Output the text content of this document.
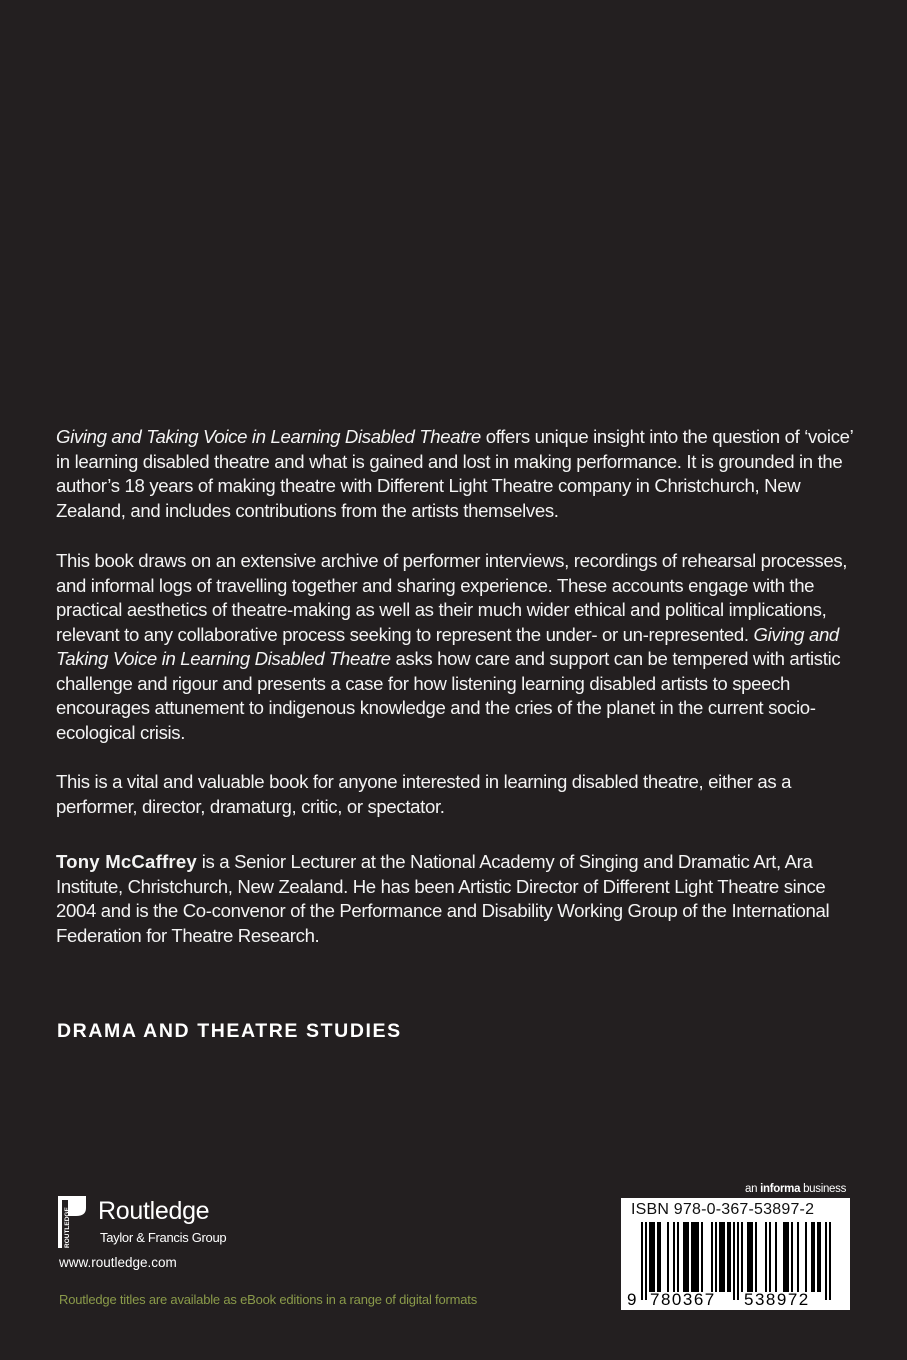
Giving and Taking Voice in Learning Disabled Theatre offers unique insight into the question of ‘voice’ in learning disabled theatre and what is gained and lost in making performance. It is grounded in the author’s 18 years of making theatre with Different Light Theatre company in Christchurch, New Zealand, and includes contributions from the artists themselves.

This book draws on an extensive archive of performer interviews, recordings of rehearsal processes, and informal logs of travelling together and sharing experience. These accounts engage with the practical aesthetics of theatre-making as well as their much wider ethical and political implications, relevant to any collaborative process seeking to represent the under- or un-represented. Giving and Taking Voice in Learning Disabled Theatre asks how care and support can be tempered with artistic challenge and rigour and presents a case for how listening learning disabled artists to speech encourages attunement to indigenous knowledge and the cries of the planet in the current socio-ecological crisis.

This is a vital and valuable book for anyone interested in learning disabled theatre, either as a performer, director, dramaturg, critic, or spectator.

Tony McCaffrey is a Senior Lecturer at the National Academy of Singing and Dramatic Art, Ara Institute, Christchurch, New Zealand. He has been Artistic Director of Different Light Theatre since 2004 and is the Co-convenor of the Performance and Disability Working Group of the International Federation for Theatre Research.

DRAMA AND THEATRE STUDIES
ROUTLEDGE Routledge
Taylor & Francis Group
www.routledge.com
Routledge titles are available as eBook editions in a range of digital formats
an informa business
9 780367 538972
ISBN 978-0-367-53897-2
